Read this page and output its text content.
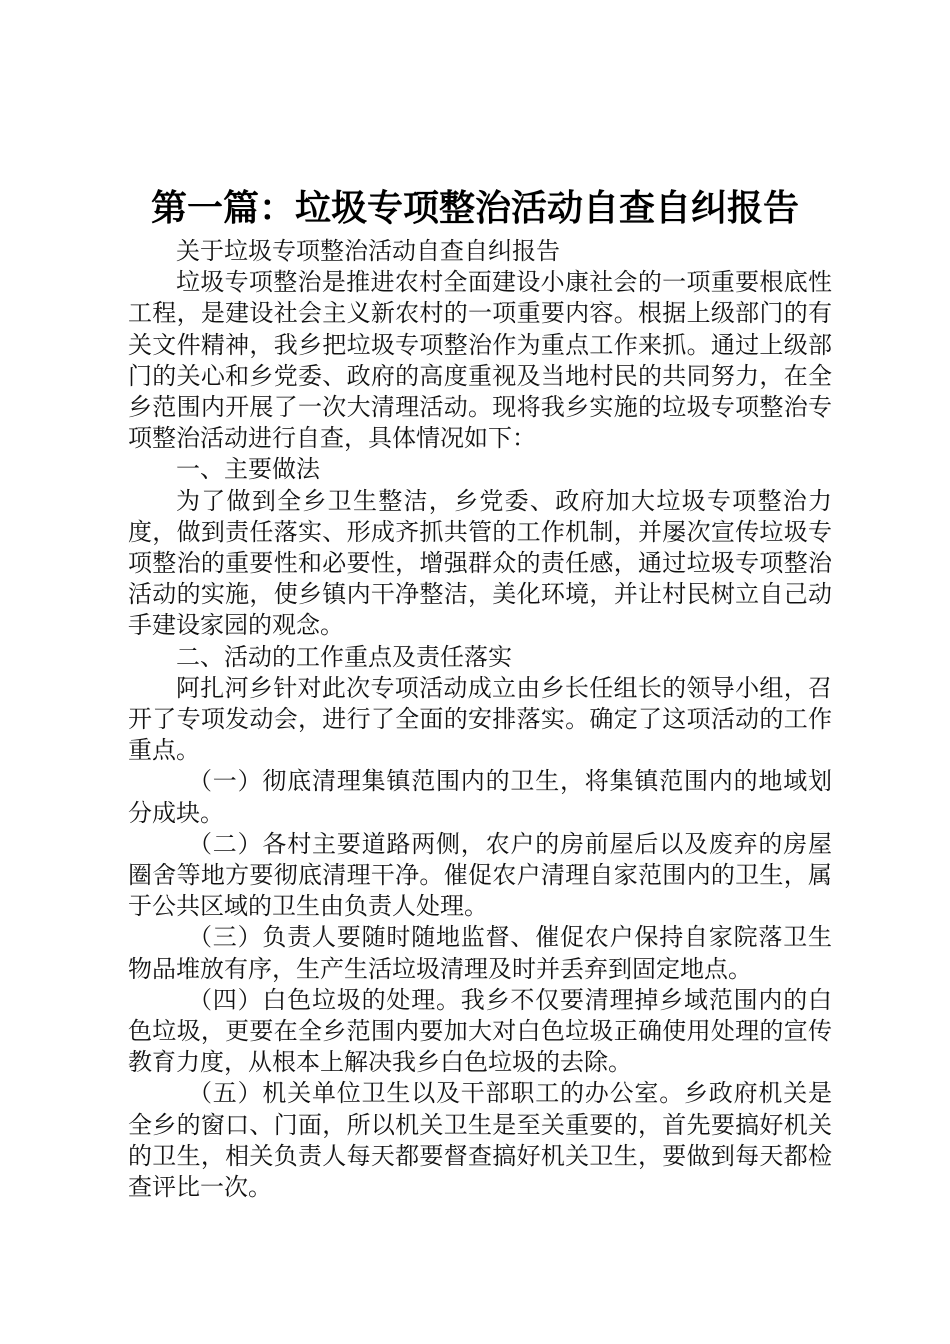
第一篇：垃圾专项整治活动自查自纠报告

关于垃圾专项整治活动自查自纠报告

垃圾专项整治是推进农村全面建设小康社会的一项重要根底性工程，是建设社会主义新农村的一项重要内容。根据上级部门的有关文件精神，我乡把垃圾专项整治作为重点工作来抓。通过上级部门的关心和乡党委、政府的高度重视及当地村民的共同努力，在全乡范围内开展了一次大清理活动。现将我乡实施的垃圾专项整治专项整治活动进行自查，具体情况如下：

一、主要做法

为了做到全乡卫生整洁，乡党委、政府加大垃圾专项整治力度，做到责任落实、形成齐抓共管的工作机制，并屡次宣传垃圾专项整治的重要性和必要性，增强群众的责任感，通过垃圾专项整治活动的实施，使乡镇内干净整洁，美化环境，并让村民树立自己动手建设家园的观念。

二、活动的工作重点及责任落实

阿扎河乡针对此次专项活动成立由乡长任组长的领导小组，召开了专项发动会，进行了全面的安排落实。确定了这项活动的工作重点。

（一）彻底清理集镇范围内的卫生，将集镇范围内的地域划分成块。

（二）各村主要道路两侧，农户的房前屋后以及废弃的房屋圈舍等地方要彻底清理干净。催促农户清理自家范围内的卫生，属于公共区域的卫生由负责人处理。

（三）负责人要随时随地监督、催促农户保持自家院落卫生物品堆放有序，生产生活垃圾清理及时并丢弃到固定地点。

（四）白色垃圾的处理。我乡不仅要清理掉乡域范围内的白色垃圾，更要在全乡范围内要加大对白色垃圾正确使用处理的宣传教育力度，从根本上解决我乡白色垃圾的去除。

（五）机关单位卫生以及干部职工的办公室。乡政府机关是全乡的窗口、门面，所以机关卫生是至关重要的，首先要搞好机关的卫生，相关负责人每天都要督查搞好机关卫生，要做到每天都检查评比一次。
